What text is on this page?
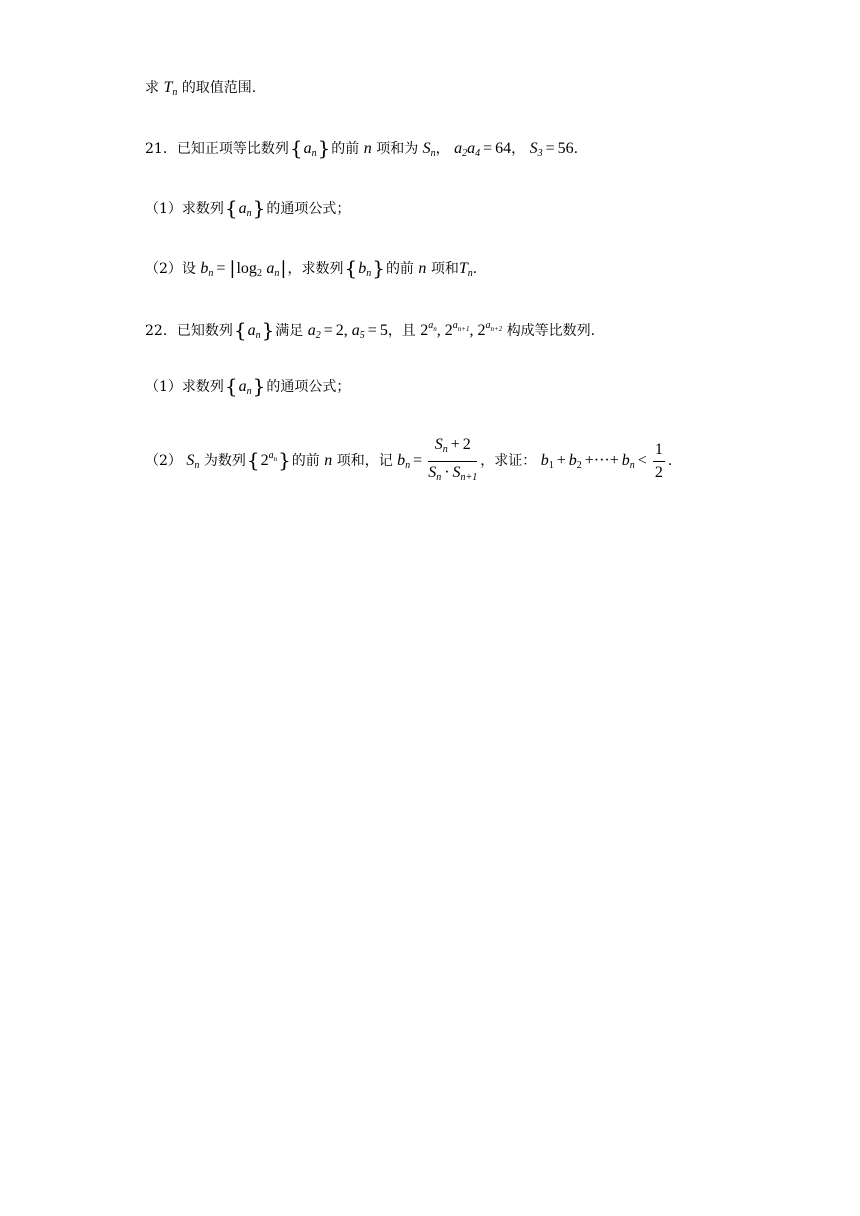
求 $T_n$ 的取值范围.
21．已知正项等比数列$\{a_n\}$的前 n 项和为 $S_n$， $a_2a_4 = 64$， $S_3 = 56$.
（1）求数列$\{a_n\}$的通项公式；
（2）设 $b_n = |\log_2$ $a_n|$，求数列$\{b_n\}$的前 n 项和$T_n$.
22．已知数列$\{a_n\}$满足 $a_2 = 2$, $a_5 = 5$，且 $2^{a_n}$, $2^{a_{n+1}}$, $2^{a_{n+2}}$ 构成等比数列.
（1）求数列$\{a_n\}$的通项公式；
（2） $S_n$ 为数列$\{2^{a_n}\}$的前 n 项和，记 $b_n = \frac{S_n + 2}{S_n \cdot S_{n+1}}$ ，求证： $b_1 + b_2$ +···+ $b_n < \frac{1}{2}$ .
